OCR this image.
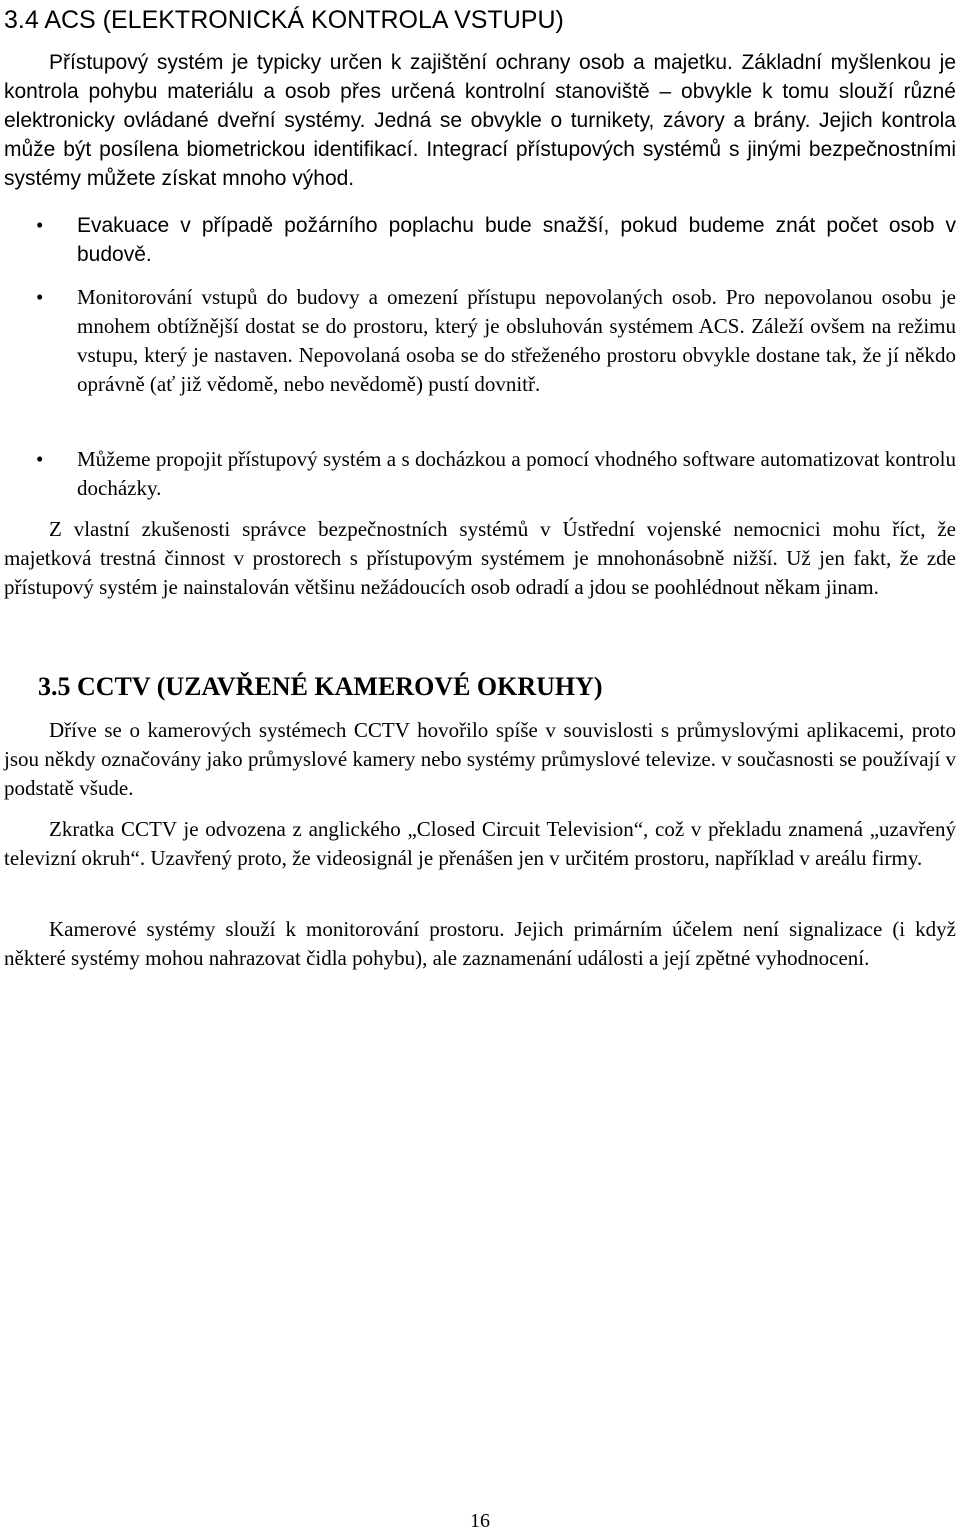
3.4 ACS (ELEKTRONICKÁ KONTROLA VSTUPU)

Přístupový systém je typicky určen k zajištění ochrany osob a majetku. Základní myšlenkou je kontrola pohybu materiálu a osob přes určená kontrolní stanoviště – obvykle k tomu slouží různé elektronicky ovládané dveřní systémy. Jedná se obvykle o turnikety, závory a brány. Jejich kontrola může být posílena biometrickou identifikací. Integrací přístupových systémů s jinými bezpečnostními systémy můžete získat mnoho výhod.

•	Evakuace v případě požárního poplachu bude snažší, pokud budeme znát počet osob v budově.

•	Monitorování vstupů do budovy a omezení přístupu nepovolaných osob. Pro nepovolanou osobu je mnohem obtížnější dostat se do prostoru, který je obsluhován systémem ACS. Záleží ovšem na režimu vstupu, který je nastaven. Nepovolaná osoba se do střeženého prostoru obvykle dostane tak, že jí někdo oprávně (ať již vědomě, nebo nevědomě) pustí dovnitř.

•	Můžeme propojit přístupový systém a s docházkou a pomocí vhodného software automatizovat kontrolu docházky.

Z vlastní zkušenosti správce bezpečnostních systémů v Ústřední vojenské nemocnici mohu říct, že majetková trestná činnost v prostorech s přístupovým systémem je mnohonásobně nižší. Už jen fakt, že zde přístupový systém je nainstalován většinu nežádoucích osob odradí a jdou se poohlédnout někam jinam.

3.5 CCTV (UZAVŘENÉ KAMEROVÉ OKRUHY)

Dříve se o kamerových systémech CCTV hovořilo spíše v souvislosti s průmyslovými aplikacemi, proto jsou někdy označovány jako průmyslové kamery nebo systémy průmyslové televize. v současnosti se používají v podstatě všude.

Zkratka CCTV je odvozena z anglického „Closed Circuit Television“, což v překladu znamená „uzavřený televizní okruh“. Uzavřený proto, že videosignál je přenášen jen v určitém prostoru, například v areálu firmy.

Kamerové systémy slouží k monitorování prostoru. Jejich primárním účelem není signalizace (i když některé systémy mohou nahrazovat čidla pohybu), ale zaznamenání události a její zpětné vyhodnocení.

16
